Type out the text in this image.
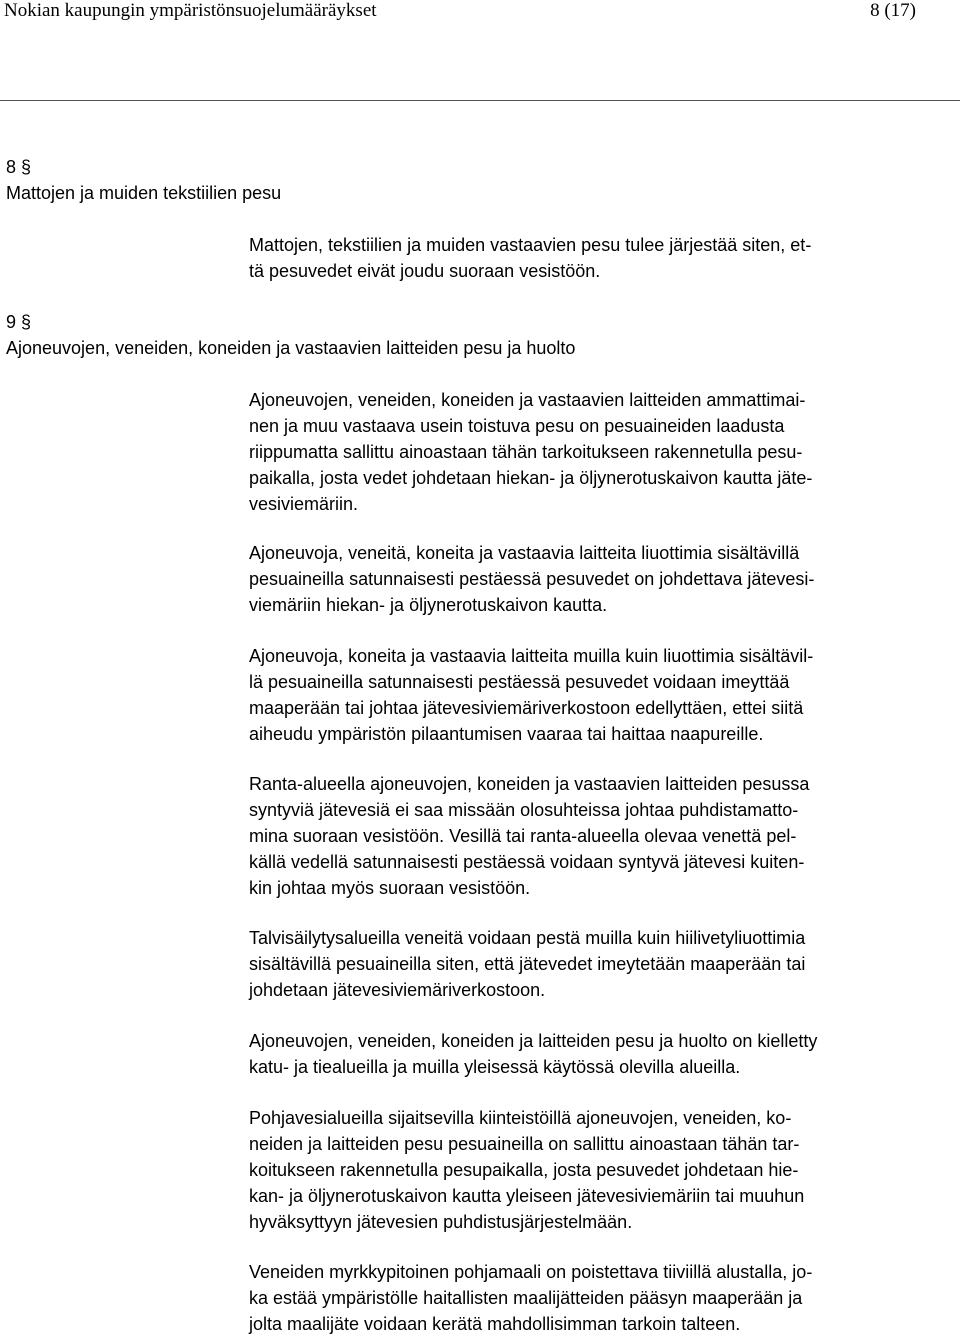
Nokian kaupungin ympäristönsuojelumääräykset	8 (17)
8 §
Mattojen ja muiden tekstiilien pesu
Mattojen, tekstiilien ja muiden vastaavien pesu tulee järjestää siten, et-
tä pesuvedet eivät joudu suoraan vesistöön.
9 §
Ajoneuvojen, veneiden, koneiden ja vastaavien laitteiden pesu ja huolto
Ajoneuvojen, veneiden, koneiden ja vastaavien laitteiden ammattimai-
nen ja muu vastaava usein toistuva pesu on pesuaineiden laadusta
riippumatta sallittu ainoastaan tähän tarkoitukseen rakennetulla pesu-
paikalla, josta vedet johdetaan hiekan- ja öljynerotuskaivon kautta jäte-
vesiviemäriin.
Ajoneuvoja, veneitä, koneita ja vastaavia laitteita liuottimia sisältävillä
pesuaineilla satunnaisesti pestäessä pesuvedet on johdettava jätevesi-
viemäriin hiekan- ja öljynerotuskaivon kautta.
Ajoneuvoja, koneita ja vastaavia laitteita muilla kuin liuottimia sisältävil-
lä pesuaineilla satunnaisesti pestäessä pesuvedet voidaan imeyttää
maaperään tai johtaa jätevesiviemäriverkostoon edellyttäen, ettei siitä
aiheudu ympäristön pilaantumisen vaaraa tai haittaa naapureille.
Ranta-alueella ajoneuvojen, koneiden ja vastaavien laitteiden pesussa
syntyviä jätevesiä ei saa missään olosuhteissa johtaa puhdistamatto-
mina suoraan vesistöön. Vesillä tai ranta-alueella olevaa venettä pel-
källä vedellä satunnaisesti pestäessä voidaan syntyvä jätevesi kuiten-
kin johtaa myös suoraan vesistöön.
Talvisäilytysalueilla veneitä voidaan pestä muilla kuin hiilivetyliuottimia
sisältävillä pesuaineilla siten, että jätevedet imeytetään maaperään tai
johdetaan jätevesiviemäriverkostoon.
Ajoneuvojen, veneiden, koneiden ja laitteiden pesu ja huolto on kielletty
katu- ja tiealueilla ja muilla yleisessä käytössä olevilla alueilla.
Pohjavesialueilla sijaitsevilla kiinteistöillä ajoneuvojen, veneiden, ko-
neiden ja laitteiden pesu pesuaineilla on sallittu ainoastaan tähän tar-
koitukseen rakennetulla pesupaikalla, josta pesuvedet johdetaan hie-
kan- ja öljynerotuskaivon kautta yleiseen jätevesiviemäriin tai muuhun
hyväksyttyyn jätevesien puhdistusjärjestelmään.
Veneiden myrkkypitoinen pohjamaali on poistettava tiiviillä alustalla, jo-
ka estää ympäristölle haitallisten maalijätteiden pääsyn maaperään ja
jolta maalijäte voidaan kerätä mahdollisimman tarkoin talteen.
